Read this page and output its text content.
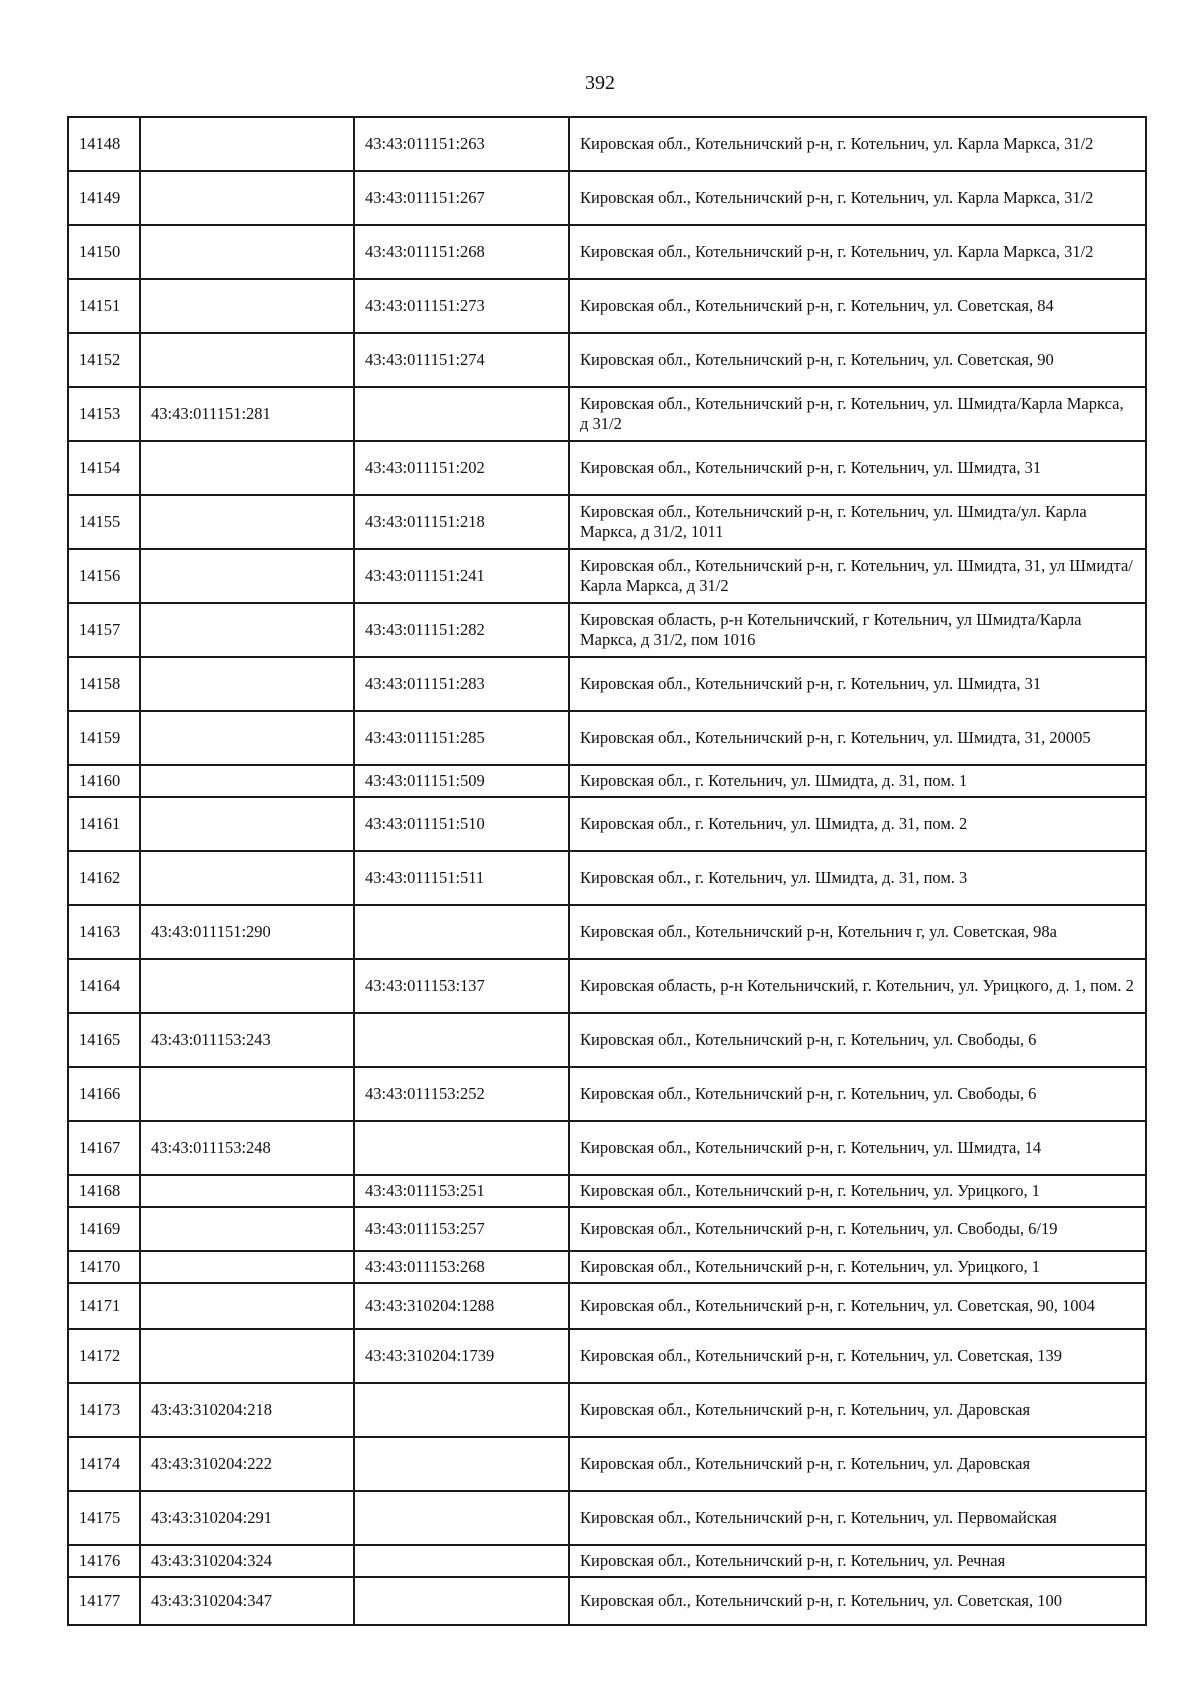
392
14148		43:43:011151:263	Кировская обл., Котельничский р-н, г. Котельнич, ул. Карла Маркса, 31/2
14149		43:43:011151:267	Кировская обл., Котельничский р-н, г. Котельнич, ул. Карла Маркса, 31/2
14150		43:43:011151:268	Кировская обл., Котельничский р-н, г. Котельнич, ул. Карла Маркса, 31/2
14151		43:43:011151:273	Кировская обл., Котельничский р-н, г. Котельнич, ул. Советская, 84
14152		43:43:011151:274	Кировская обл., Котельничский р-н, г. Котельнич, ул. Советская, 90
14153	43:43:011151:281		Кировская обл., Котельничский р-н, г. Котельнич, ул. Шмидта/Карла Маркса, д 31/2
14154		43:43:011151:202	Кировская обл., Котельничский р-н, г. Котельнич, ул. Шмидта, 31
14155		43:43:011151:218	Кировская обл., Котельничский р-н, г. Котельнич, ул. Шмидта/ул. Карла Маркса, д 31/2, 1011
14156		43:43:011151:241	Кировская обл., Котельничский р-н, г. Котельнич, ул. Шмидта, 31, ул Шмидта/Карла Маркса, д 31/2
14157		43:43:011151:282	Кировская область, р-н Котельничский, г Котельнич, ул Шмидта/Карла Маркса, д 31/2, пом 1016
14158		43:43:011151:283	Кировская обл., Котельничский р-н, г. Котельнич, ул. Шмидта, 31
14159		43:43:011151:285	Кировская обл., Котельничский р-н, г. Котельнич, ул. Шмидта, 31, 20005
14160		43:43:011151:509	Кировская обл., г. Котельнич, ул. Шмидта, д. 31, пом. 1
14161		43:43:011151:510	Кировская обл., г. Котельнич, ул. Шмидта, д. 31, пом. 2
14162		43:43:011151:511	Кировская обл., г. Котельнич, ул. Шмидта, д. 31, пом. 3
14163	43:43:011151:290		Кировская обл., Котельничский р-н, Котельнич г, ул. Советская, 98а
14164		43:43:011153:137	Кировская область, р-н Котельничский, г. Котельнич, ул. Урицкого, д. 1, пом. 2
14165	43:43:011153:243		Кировская обл., Котельничский р-н, г. Котельнич, ул. Свободы, 6
14166		43:43:011153:252	Кировская обл., Котельничский р-н, г. Котельнич, ул. Свободы, 6
14167	43:43:011153:248		Кировская обл., Котельничский р-н, г. Котельнич, ул. Шмидта, 14
14168		43:43:011153:251	Кировская обл., Котельничский р-н, г. Котельнич, ул. Урицкого, 1
14169		43:43:011153:257	Кировская обл., Котельничский р-н, г. Котельнич, ул. Свободы, 6/19
14170		43:43:011153:268	Кировская обл., Котельничский р-н, г. Котельнич, ул. Урицкого, 1
14171		43:43:310204:1288	Кировская обл., Котельничский р-н, г. Котельнич, ул. Советская, 90, 1004
14172		43:43:310204:1739	Кировская обл., Котельничский р-н, г. Котельнич, ул. Советская, 139
14173	43:43:310204:218		Кировская обл., Котельничский р-н, г. Котельнич, ул. Даровская
14174	43:43:310204:222		Кировская обл., Котельничский р-н, г. Котельнич, ул. Даровская
14175	43:43:310204:291		Кировская обл., Котельничский р-н, г. Котельнич, ул. Первомайская
14176	43:43:310204:324		Кировская обл., Котельничский р-н, г. Котельнич, ул. Речная
14177	43:43:310204:347		Кировская обл., Котельничский р-н, г. Котельнич, ул. Советская, 100
